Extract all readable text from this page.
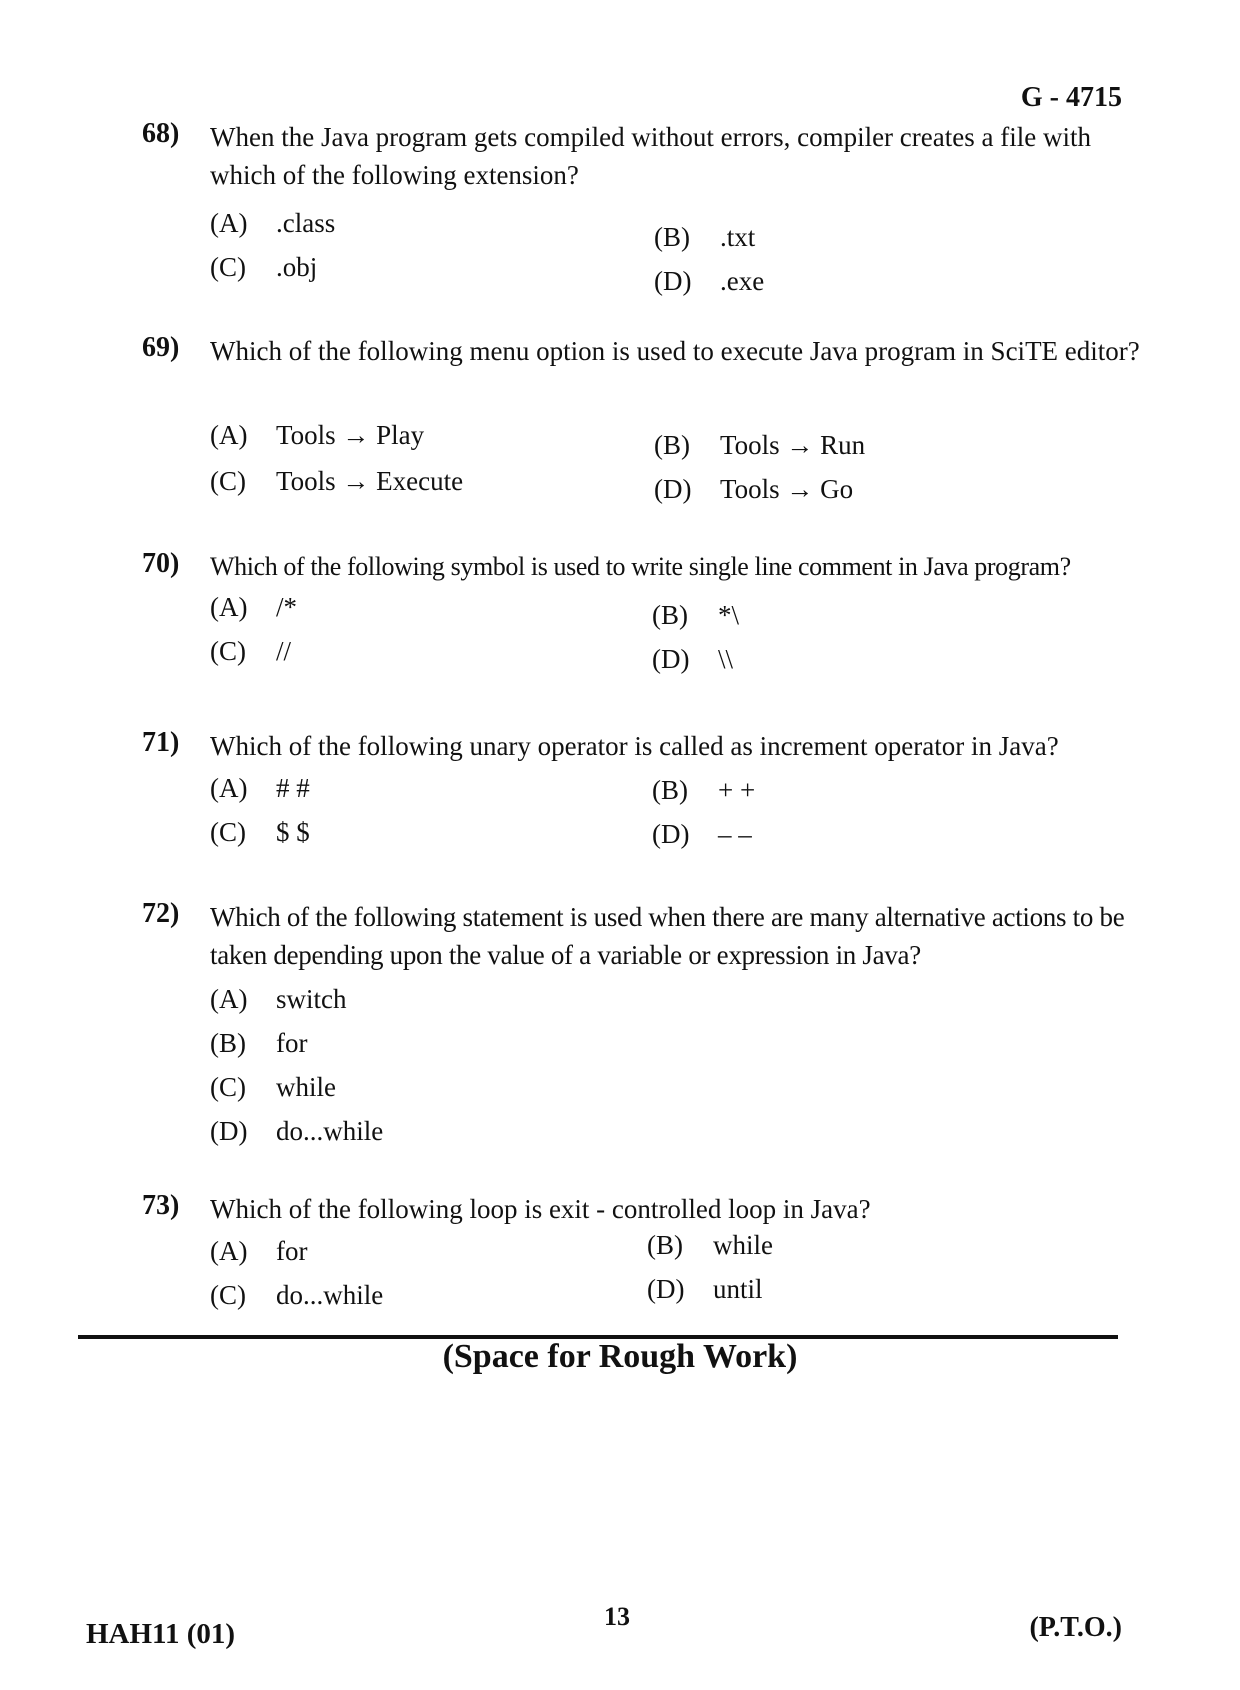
G - 4715
68) When the Java program gets compiled without errors, compiler creates a file with which of the following extension?
(A) .class
(C) .obj
(B) .txt
(D) .exe
69) Which of the following menu option is used to execute Java program in SciTE editor?
(A) Tools → Play
(C) Tools → Execute
(B) Tools → Run
(D) Tools → Go
70) Which of the following symbol is used to write single line comment in Java program?
(A) /*
(C) //
(B) *\
(D) \\
71) Which of the following unary operator is called as increment operator in Java?
(A) # #
(C) $ $
(B) + +
(D) – –
72) Which of the following statement is used when there are many alternative actions to be taken depending upon the value of a variable or expression in Java?
(A) switch
(B) for
(C) while
(D) do...while
73) Which of the following loop is exit - controlled loop in Java?
(A) for
(C) do...while
(B) while
(D) until
(Space for Rough Work)
HAH11 (01)
13	(P.T.O.)
